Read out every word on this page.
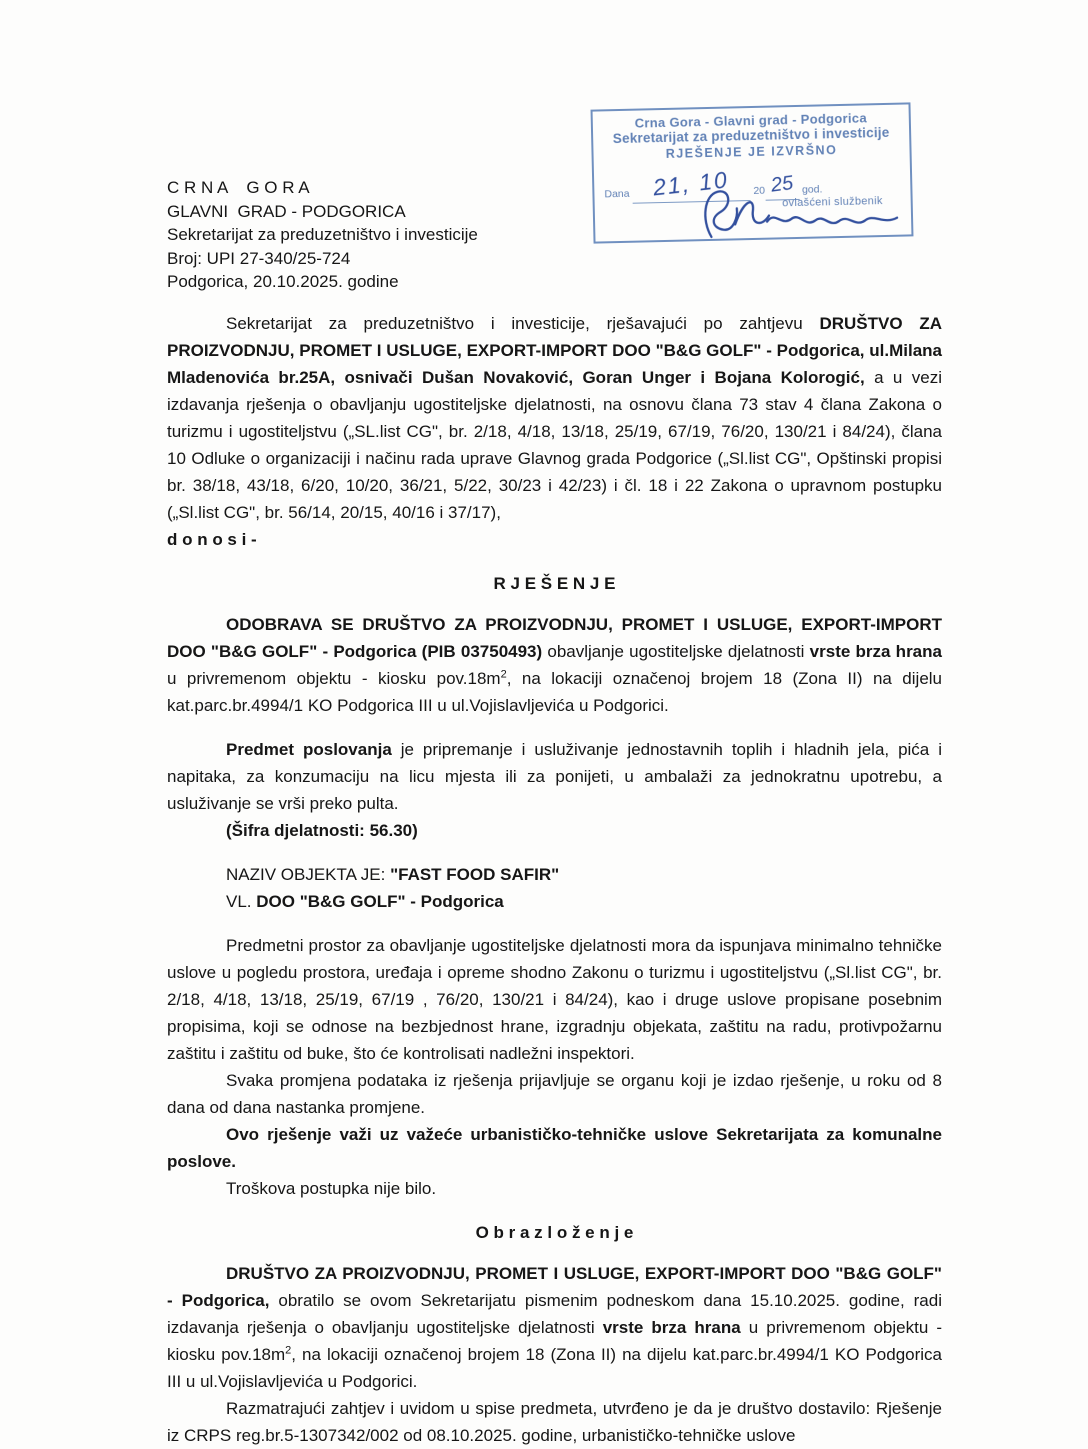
Crna Gora - Glavni grad - Podgorica
Sekretarijat za preduzetništvo i investicije
RJEŠENJE JE IZVRŠNO
Dana 21, 10 20 25 god.
ovlašćeni službenik
C R N A    G O R A
GLAVNI  GRAD - PODGORICA
Sekretarijat za preduzetništvo i investicije
Broj: UPI 27-340/25-724
Podgorica, 20.10.2025. godine
Sekretarijat za preduzetništvo i investicije, rješavajući po zahtjevu DRUŠTVO ZA PROIZVODNJU, PROMET I USLUGE, EXPORT-IMPORT DOO "B&G GOLF" - Podgorica, ul.Milana Mladenovića br.25A, osnivači Dušan Novaković, Goran Unger i Bojana Kolorogić, a u vezi izdavanja rješenja o obavljanju ugostiteljske djelatnosti, na osnovu člana 73 stav 4 člana Zakona o turizmu i ugostiteljstvu („SL.list CG", br. 2/18, 4/18, 13/18, 25/19, 67/19, 76/20, 130/21 i 84/24), člana 10 Odluke o organizaciji i načinu rada uprave Glavnog grada Podgorice („Sl.list CG", Opštinski propisi br. 38/18, 43/18, 6/20, 10/20, 36/21, 5/22, 30/23 i 42/23) i čl. 18 i 22 Zakona o upravnom postupku („Sl.list CG", br. 56/14, 20/15, 40/16 i 37/17),
d o n o s i -
R J E Š E N J E
ODOBRAVA SE DRUŠTVO ZA PROIZVODNJU, PROMET I USLUGE, EXPORT-IMPORT DOO "B&G GOLF" - Podgorica (PIB 03750493) obavljanje ugostiteljske djelatnosti vrste brza hrana u privremenom objektu - kiosku $pov.18m^2$, na lokaciji označenoj brojem 18 (Zona II) na dijelu kat.parc.br.4994/1 KO Podgorica III u ul.Vojislavljevića u Podgorici.
Predmet poslovanja je pripremanje i usluživanje jednostavnih toplih i hladnih jela, pića i napitaka, za konzumaciju na licu mjesta ili za ponijeti, u ambalaži za jednokratnu upotrebu, a usluživanje se vrši preko pulta.
(Šifra djelatnosti: 56.30)
NAZIV OBJEKTA JE: "FAST FOOD SAFIR"
VL. DOO "B&G GOLF" - Podgorica
Predmetni prostor za obavljanje ugostiteljske djelatnosti mora da ispunjava minimalno tehničke uslove u pogledu prostora, uređaja i opreme shodno Zakonu o turizmu i ugostiteljstvu („Sl.list CG", br. 2/18, 4/18, 13/18, 25/19, 67/19 , 76/20, 130/21 i 84/24), kao i druge uslove propisane posebnim propisima, koji se odnose na bezbjednost hrane, izgradnju objekata, zaštitu na radu, protivpožarnu zaštitu i zaštitu od buke, što će kontrolisati nadležni inspektori.
Svaka promjena podataka iz rješenja prijavljuje se organu koji je izdao rješenje, u roku od 8 dana od dana nastanka promjene.
Ovo rješenje važi uz važeće urbanističko-tehničke uslove Sekretarijata za komunalne poslove.
Troškova postupka nije bilo.
O b r a z l o ž e n j e
DRUŠTVO ZA PROIZVODNJU, PROMET I USLUGE, EXPORT-IMPORT DOO "B&G GOLF" - Podgorica, obratilo se ovom Sekretarijatu pismenim podneskom dana 15.10.2025. godine, radi izdavanja rješenja o obavljanju ugostiteljske djelatnosti vrste brza hrana u privremenom objektu - kiosku $pov.18m^2$, na lokaciji označenoj brojem 18 (Zona II) na dijelu kat.parc.br.4994/1 KO Podgorica III u ul.Vojislavljevića u Podgorici.
Razmatrajući zahtjev i uvidom u spise predmeta, utvrđeno je da je društvo dostavilo: Rješenje iz CRPS reg.br.5-1307342/002 od 08.10.2025. godine, urbanističko-tehničke uslove
